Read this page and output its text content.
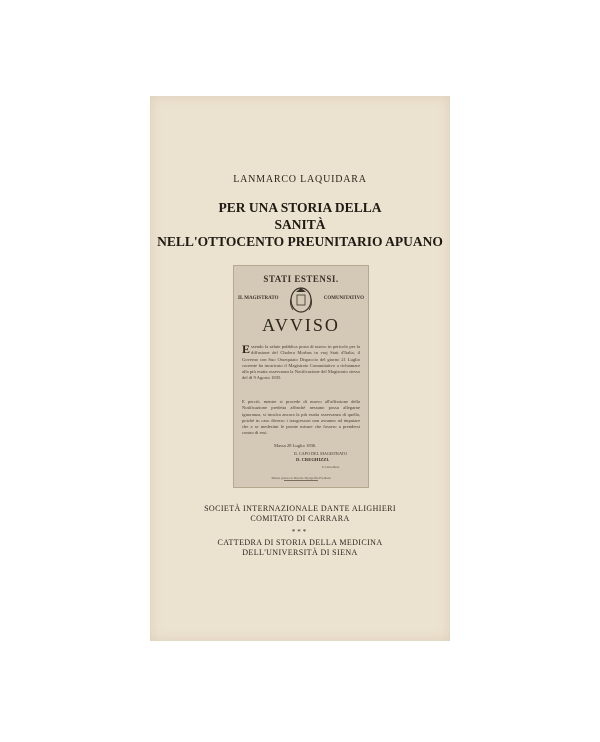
LANMARCO LAQUIDARA
PER UNA STORIA DELLA
SANITÀ
NELL'OTTOCENTO PREUNITARIO APUANO
STATI ESTENSI.
IL MAGISTRATO	COMUNITATIVO
AVVISO
Essendo la salute pubblica posta di nuovo in pericolo per la diffusione del Cholera Morbus in varj Stati d'Italia, il Governo con Suo Ossequiato Dispaccio del giorno 21 Luglio corrente ha incaricato il Magistrato Comunitativo a richiamare alla più esatta osservanza la Notificazione del Magistrato stesso del dì 9 Agosto 1835.
E perciò, mentre si procede di nuovo all'affissione della Notificazione predetta affinchè nessuno possa allegarne ignoranza, si inculca ancora la più esatta osservanza di quella, poichè in caso diverso i trasgressori non avranno ad imputare che a se medesimi le pronte misure che fossero a prendersi contro di essi.
Massa 28 Luglio 1836.
IL CAPO DEL MAGISTRATO
D. CREGHIZZI.
Il Cancelliere
Massa presso la Ducale Tipografia Frediani
SOCIETÀ INTERNAZIONALE DANTE ALIGHIERI
COMITATO DI CARRARA
***
CATTEDRA DI STORIA DELLA MEDICINA
DELL'UNIVERSITÀ DI SIENA
